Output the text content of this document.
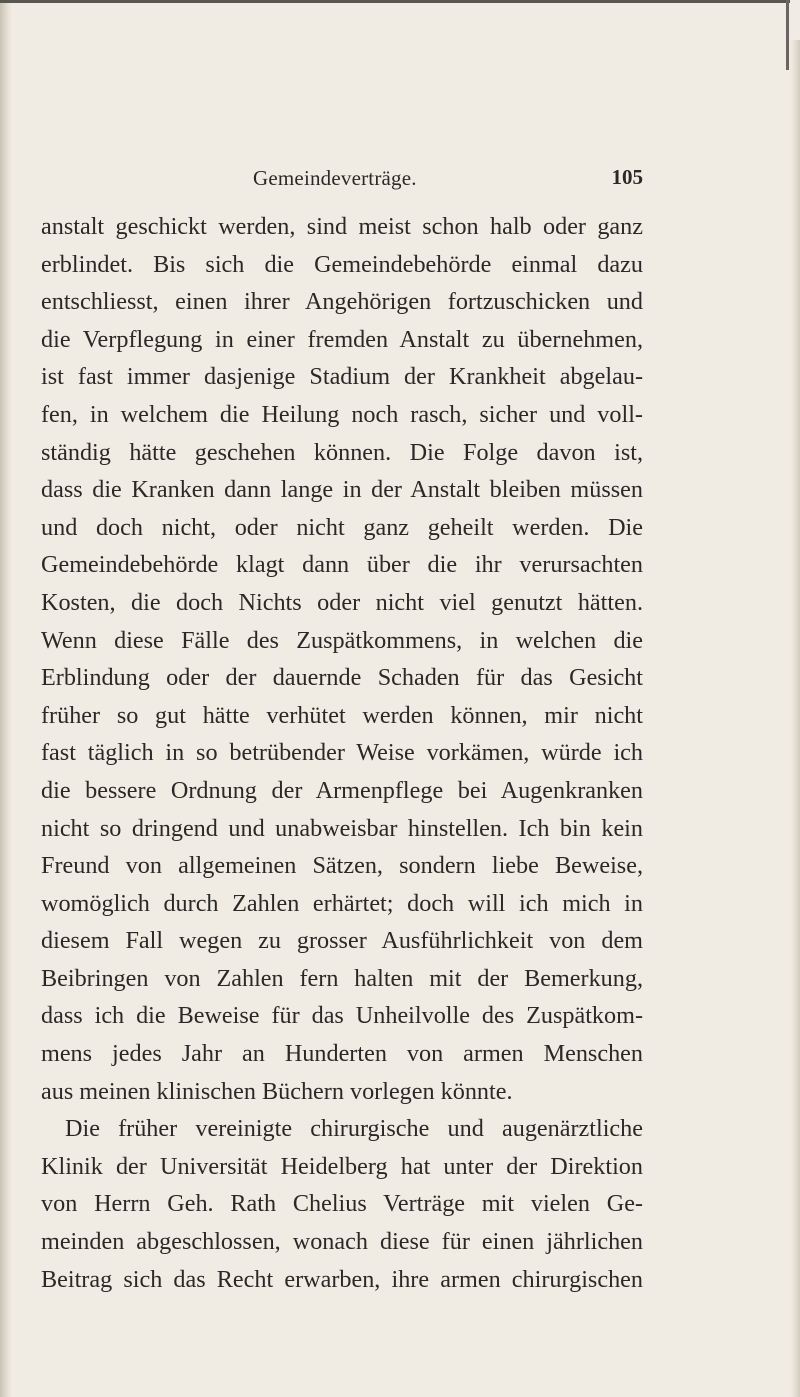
Gemeindeverträge.	105
anstalt geschickt werden, sind meist schon halb oder ganz
erblindet. Bis sich die Gemeindebehörde einmal dazu
entschliesst, einen ihrer Angehörigen fortzuschicken und
die Verpflegung in einer fremden Anstalt zu übernehmen,
ist fast immer dasjenige Stadium der Krankheit abgelau-
fen, in welchem die Heilung noch rasch, sicher und voll-
ständig hätte geschehen können. Die Folge davon ist,
dass die Kranken dann lange in der Anstalt bleiben müssen
und doch nicht, oder nicht ganz geheilt werden. Die
Gemeindebehörde klagt dann über die ihr verursachten
Kosten, die doch Nichts oder nicht viel genutzt hätten.
Wenn diese Fälle des Zuspätkommens, in welchen die
Erblindung oder der dauernde Schaden für das Gesicht
früher so gut hätte verhütet werden können, mir nicht
fast täglich in so betrübender Weise vorkämen, würde ich
die bessere Ordnung der Armenpflege bei Augenkranken
nicht so dringend und unabweisbar hinstellen. Ich bin kein
Freund von allgemeinen Sätzen, sondern liebe Beweise,
womöglich durch Zahlen erhärtet; doch will ich mich in
diesem Fall wegen zu grosser Ausführlichkeit von dem
Beibringen von Zahlen fern halten mit der Bemerkung,
dass ich die Beweise für das Unheilvolle des Zuspätkom-
mens jedes Jahr an Hunderten von armen Menschen
aus meinen klinischen Büchern vorlegen könnte.
Die früher vereinigte chirurgische und augenärztliche
Klinik der Universität Heidelberg hat unter der Direktion
von Herrn Geh. Rath Chelius Verträge mit vielen Ge-
meinden abgeschlossen, wonach diese für einen jährlichen
Beitrag sich das Recht erwarben, ihre armen chirurgischen
